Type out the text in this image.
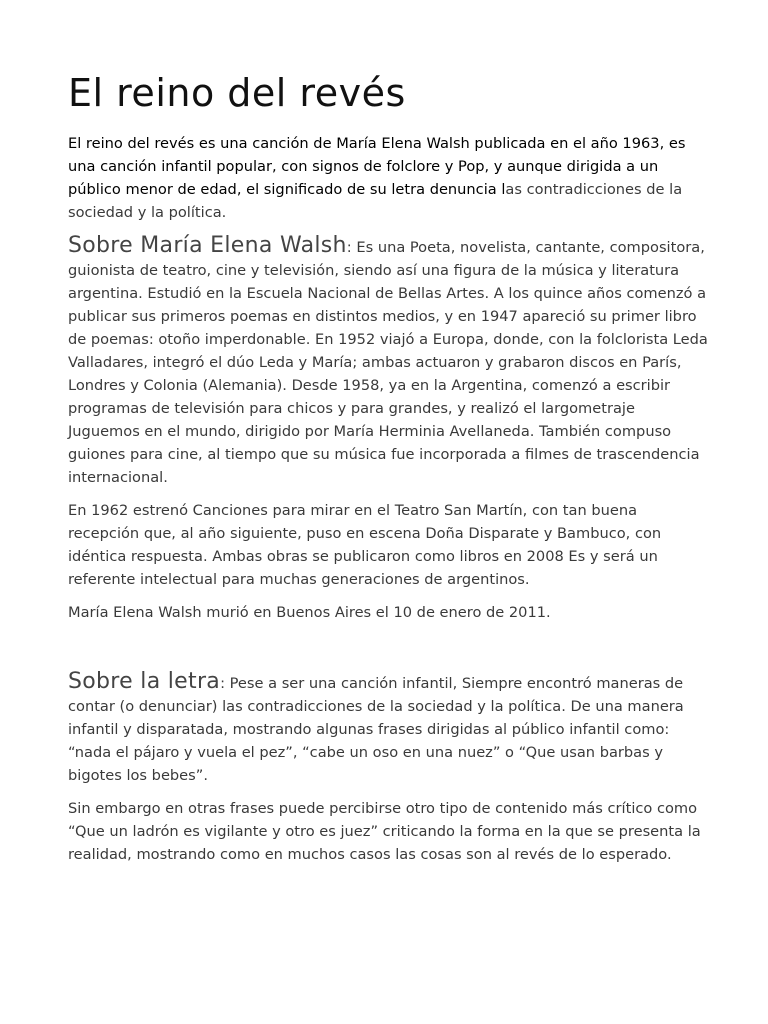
El reino del revés

El reino del revés es una canción de María Elena Walsh publicada en el año 1963, es una canción infantil popular, con signos de folclore y Pop, y aunque dirigida a un público menor de edad, el significado de su letra denuncia las contradicciones de la sociedad y la política.

Sobre María Elena Walsh: Es una Poeta, novelista, cantante, compositora, guionista de teatro, cine y televisión, siendo así una figura de la música y literatura argentina. Estudió en la Escuela Nacional de Bellas Artes. A los quince años comenzó a publicar sus primeros poemas en distintos medios, y en 1947 apareció su primer libro de poemas: otoño imperdonable. En 1952 viajó a Europa, donde, con la folclorista Leda Valladares, integró el dúo Leda y María; ambas actuaron y grabaron discos en París, Londres y Colonia (Alemania). Desde 1958, ya en la Argentina, comenzó a escribir programas de televisión para chicos y para grandes, y realizó el largometraje Juguemos en el mundo, dirigido por María Herminia Avellaneda. También compuso guiones para cine, al tiempo que su música fue incorporada a filmes de trascendencia internacional.

En 1962 estrenó Canciones para mirar en el Teatro San Martín, con tan buena recepción que, al año siguiente, puso en escena Doña Disparate y Bambuco, con idéntica respuesta. Ambas obras se publicaron como libros en 2008 Es y será un referente intelectual para muchas generaciones de argentinos.

María Elena Walsh murió en Buenos Aires el 10 de enero de 2011.

Sobre la letra: Pese a ser una canción infantil, Siempre encontró maneras de contar (o denunciar) las contradicciones de la sociedad y la política. De una manera infantil y disparatada, mostrando algunas frases dirigidas al público infantil como: “nada el pájaro y vuela el pez”, “cabe un oso en una nuez” o “Que usan barbas y bigotes los bebes”.

Sin embargo en otras frases puede percibirse otro tipo de contenido más crítico como “Que un ladrón es vigilante y otro es juez” criticando la forma en la que se presenta la realidad, mostrando como en muchos casos las cosas son al revés de lo esperado.
